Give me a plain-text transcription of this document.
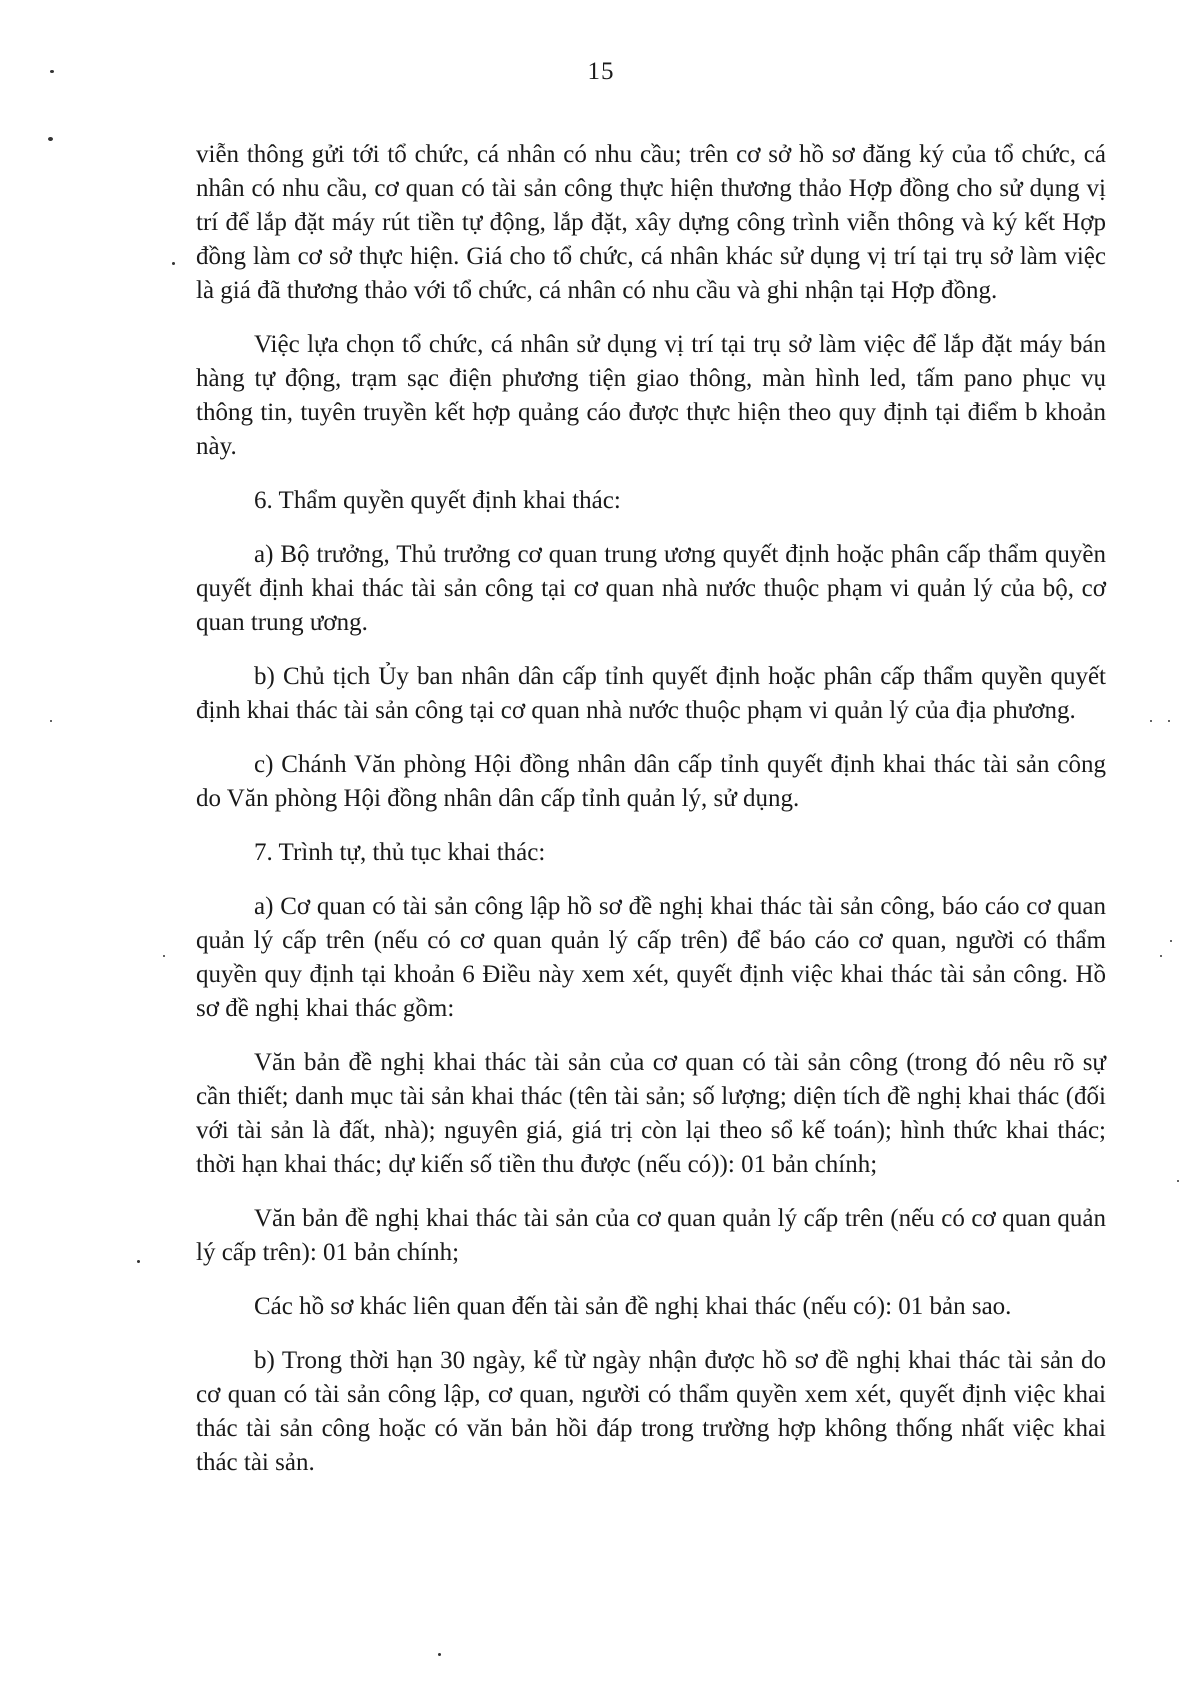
15

viễn thông gửi tới tổ chức, cá nhân có nhu cầu; trên cơ sở hồ sơ đăng ký của tổ chức, cá nhân có nhu cầu, cơ quan có tài sản công thực hiện thương thảo Hợp đồng cho sử dụng vị trí để lắp đặt máy rút tiền tự động, lắp đặt, xây dựng công trình viễn thông và ký kết Hợp đồng làm cơ sở thực hiện. Giá cho tổ chức, cá nhân khác sử dụng vị trí tại trụ sở làm việc là giá đã thương thảo với tổ chức, cá nhân có nhu cầu và ghi nhận tại Hợp đồng.

Việc lựa chọn tổ chức, cá nhân sử dụng vị trí tại trụ sở làm việc để lắp đặt máy bán hàng tự động, trạm sạc điện phương tiện giao thông, màn hình led, tấm pano phục vụ thông tin, tuyên truyền kết hợp quảng cáo được thực hiện theo quy định tại điểm b khoản này.

6. Thẩm quyền quyết định khai thác:

a) Bộ trưởng, Thủ trưởng cơ quan trung ương quyết định hoặc phân cấp thẩm quyền quyết định khai thác tài sản công tại cơ quan nhà nước thuộc phạm vi quản lý của bộ, cơ quan trung ương.

b) Chủ tịch Ủy ban nhân dân cấp tỉnh quyết định hoặc phân cấp thẩm quyền quyết định khai thác tài sản công tại cơ quan nhà nước thuộc phạm vi quản lý của địa phương.

c) Chánh Văn phòng Hội đồng nhân dân cấp tỉnh quyết định khai thác tài sản công do Văn phòng Hội đồng nhân dân cấp tỉnh quản lý, sử dụng.

7. Trình tự, thủ tục khai thác:

a) Cơ quan có tài sản công lập hồ sơ đề nghị khai thác tài sản công, báo cáo cơ quan quản lý cấp trên (nếu có cơ quan quản lý cấp trên) để báo cáo cơ quan, người có thẩm quyền quy định tại khoản 6 Điều này xem xét, quyết định việc khai thác tài sản công. Hồ sơ đề nghị khai thác gồm:

Văn bản đề nghị khai thác tài sản của cơ quan có tài sản công (trong đó nêu rõ sự cần thiết; danh mục tài sản khai thác (tên tài sản; số lượng; diện tích đề nghị khai thác (đối với tài sản là đất, nhà); nguyên giá, giá trị còn lại theo sổ kế toán); hình thức khai thác; thời hạn khai thác; dự kiến số tiền thu được (nếu có)): 01 bản chính;

Văn bản đề nghị khai thác tài sản của cơ quan quản lý cấp trên (nếu có cơ quan quản lý cấp trên): 01 bản chính;

Các hồ sơ khác liên quan đến tài sản đề nghị khai thác (nếu có): 01 bản sao.

b) Trong thời hạn 30 ngày, kể từ ngày nhận được hồ sơ đề nghị khai thác tài sản do cơ quan có tài sản công lập, cơ quan, người có thẩm quyền xem xét, quyết định việc khai thác tài sản công hoặc có văn bản hồi đáp trong trường hợp không thống nhất việc khai thác tài sản.
